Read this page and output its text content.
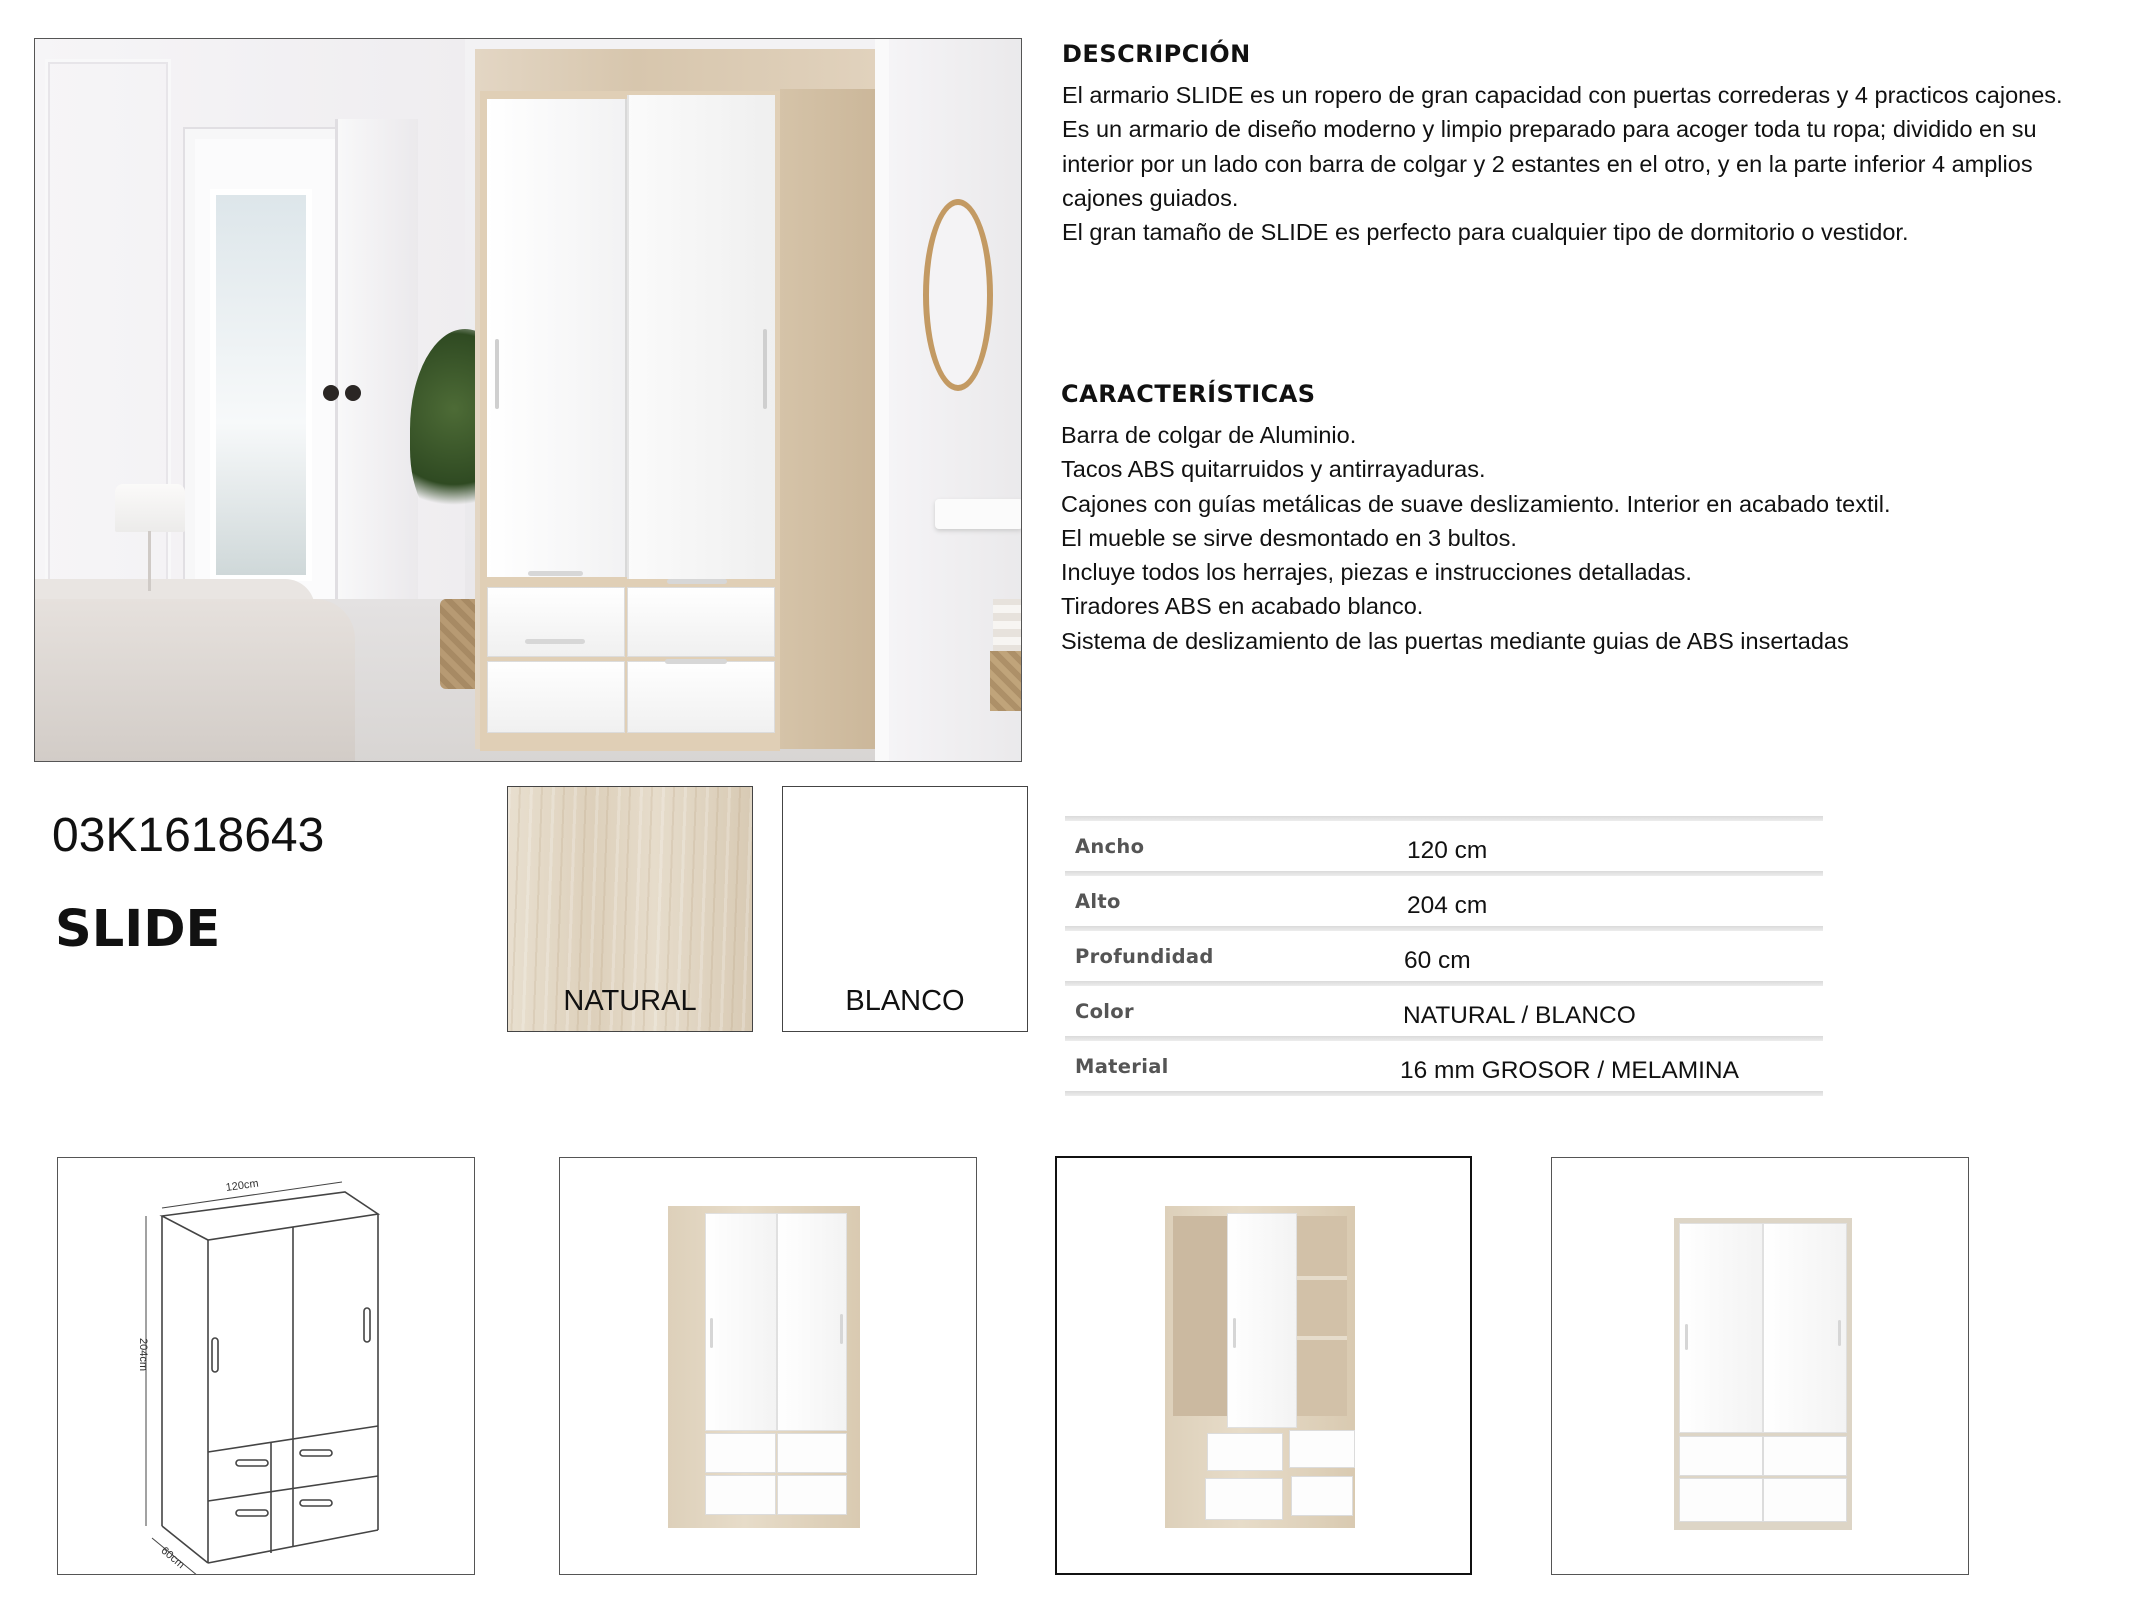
DESCRIPCIÓN
El armario SLIDE es un ropero de gran capacidad con puertas correderas y 4 practicos cajones.
Es un armario de diseño moderno y limpio preparado para acoger toda tu ropa; dividido en su
interior por un lado con barra de colgar y 2 estantes en el otro, y en la parte inferior 4 amplios
cajones guiados.
El gran tamaño de SLIDE es perfecto para cualquier tipo de dormitorio o vestidor.
CARACTERÍSTICAS
Barra de colgar de Aluminio.
Tacos ABS quitarruidos y antirrayaduras.
Cajones con guías metálicas de suave deslizamiento. Interior en acabado textil.
El mueble se sirve desmontado en 3 bultos.
Incluye todos los herrajes, piezas e instrucciones detalladas.
Tiradores ABS en acabado blanco.
Sistema de deslizamiento de las puertas mediante guias de ABS insertadas
03K1618643
SLIDE
NATURAL	BLANCO
Ancho	120 cm
Alto	204 cm
Profundidad	60 cm
Color	NATURAL / BLANCO
Material	16 mm GROSOR / MELAMINA
120cm
204cm
60cm
